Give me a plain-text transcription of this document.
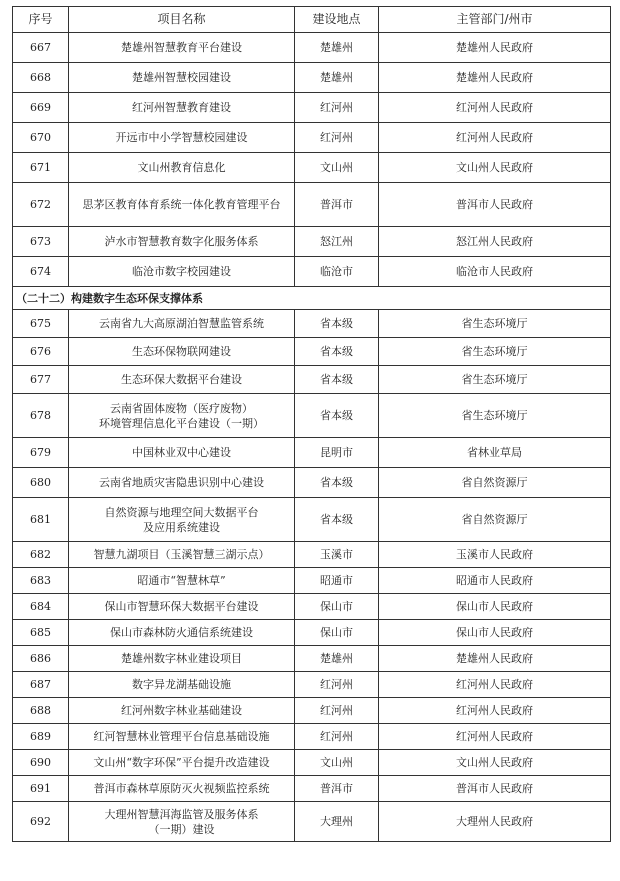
序号	项目名称	建设地点	主管部门/州市
667	楚雄州智慧教育平台建设	楚雄州	楚雄州人民政府
668	楚雄州智慧校园建设	楚雄州	楚雄州人民政府
669	红河州智慧教育建设	红河州	红河州人民政府
670	开远市中小学智慧校园建设	红河州	红河州人民政府
671	文山州教育信息化	文山州	文山州人民政府
672	思茅区教育体育系统一体化教育管理平台	普洱市	普洱市人民政府
673	泸水市智慧教育数字化服务体系	怒江州	怒江州人民政府
674	临沧市数字校园建设	临沧市	临沧市人民政府
（二十二）构建数字生态环保支撑体系			
675	云南省九大高原湖泊智慧监管系统	省本级	省生态环境厅
676	生态环保物联网建设	省本级	省生态环境厅
677	生态环保大数据平台建设	省本级	省生态环境厅
678	云南省固体废物（医疗废物）
环境管理信息化平台建设（一期）	省本级	省生态环境厅
679	中国林业双中心建设	昆明市	省林业草局
680	云南省地质灾害隐患识别中心建设	省本级	省自然资源厅
681	自然资源与地理空间大数据平台
及应用系统建设	省本级	省自然资源厅
682	智慧九湖项目（玉溪智慧三湖示点）	玉溪市	玉溪市人民政府
683	昭通市“智慧林草”	昭通市	昭通市人民政府
684	保山市智慧环保大数据平台建设	保山市	保山市人民政府
685	保山市森林防火通信系统建设	保山市	保山市人民政府
686	楚雄州数字林业建设项目	楚雄州	楚雄州人民政府
687	数字异龙湖基础设施	红河州	红河州人民政府
688	红河州数字林业基础建设	红河州	红河州人民政府
689	红河智慧林业管理平台信息基础设施	红河州	红河州人民政府
690	文山州“数字环保”平台提升改造建设	文山州	文山州人民政府
691	普洱市森林草原防灭火视频监控系统	普洱市	普洱市人民政府
692	大理州智慧洱海监管及服务体系
（一期）建设	大理州	大理州人民政府
